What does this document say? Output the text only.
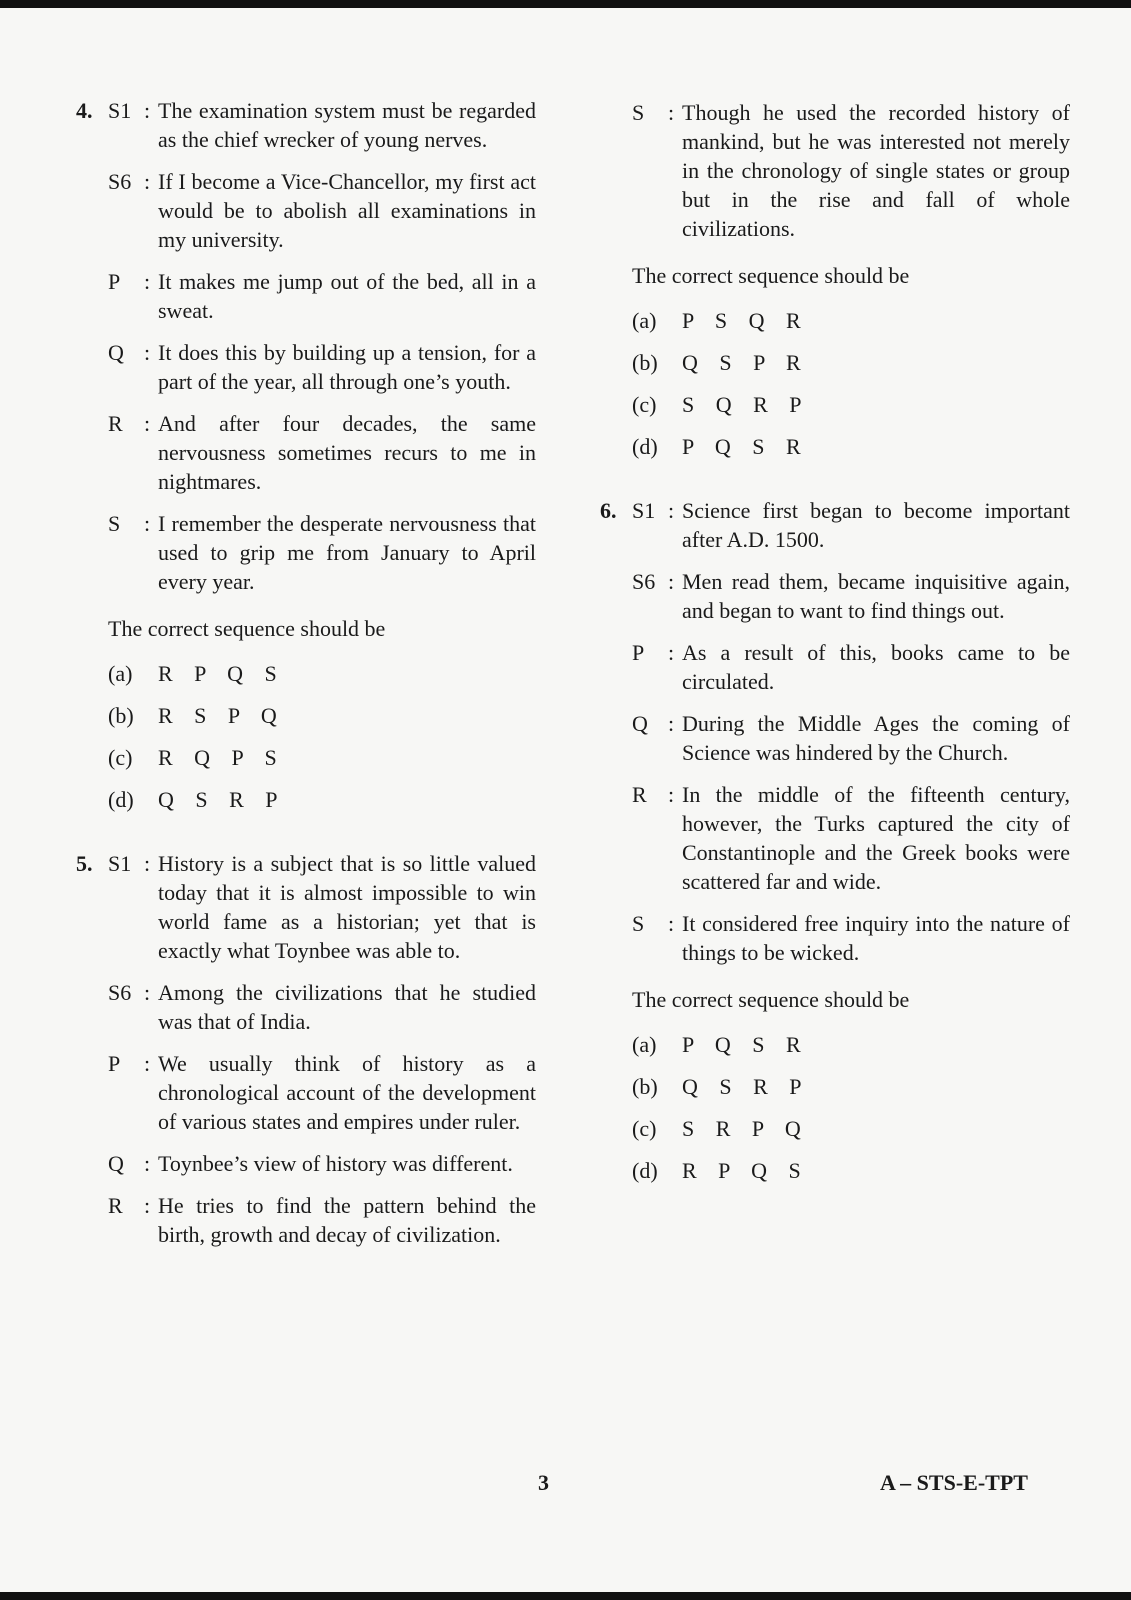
4. S1 : The examination system must be regarded as the chief wrecker of young nerves.
S6 : If I become a Vice-Chancellor, my first act would be to abolish all examinations in my university.
P	: It makes me jump out of the bed, all in a sweat.
Q : It does this by building up a tension, for a part of the year, all through one’s youth.
R : And after four decades, the same nervousness sometimes recurs to me in nightmares.
S	: I remember the desperate nervousness that used to grip me from January to April every year.
The correct sequence should be
(a)	R P Q S
(b)	R S P Q
(c)	R Q P S
(d)	Q S R P
5. S1 : History is a subject that is so little valued today that it is almost impossible to win world fame as a historian; yet that is exactly what Toynbee was able to.
S6 : Among the civilizations that he studied was that of India.
P	: We usually think of history as a chronological account of the development of various states and empires under ruler.
Q : Toynbee’s view of history was different.
R : He tries to find the pattern behind the birth, growth and decay of civilization.
S	: Though he used the recorded history of mankind, but he was interested not merely in the chronology of single states or group but in the rise and fall of whole civilizations.
The correct sequence should be
(a)	P S Q R
(b)	Q S P R
(c)	S Q R P
(d)	P Q S R
6. S1 : Science first began to become important after A.D. 1500.
S6 : Men read them, became inquisitive again, and began to want to find things out.
P	: As a result of this, books came to be circulated.
Q : During the Middle Ages the coming of Science was hindered by the Church.
R : In the middle of the fifteenth century, however, the Turks captured the city of Constantinople and the Greek books were scattered far and wide.
S	: It considered free inquiry into the nature of things to be wicked.
The correct sequence should be
(a)	P Q S R
(b)	Q S R P
(c)	S R P Q
(d)	R P Q S
3	A – STS-E-TPT
